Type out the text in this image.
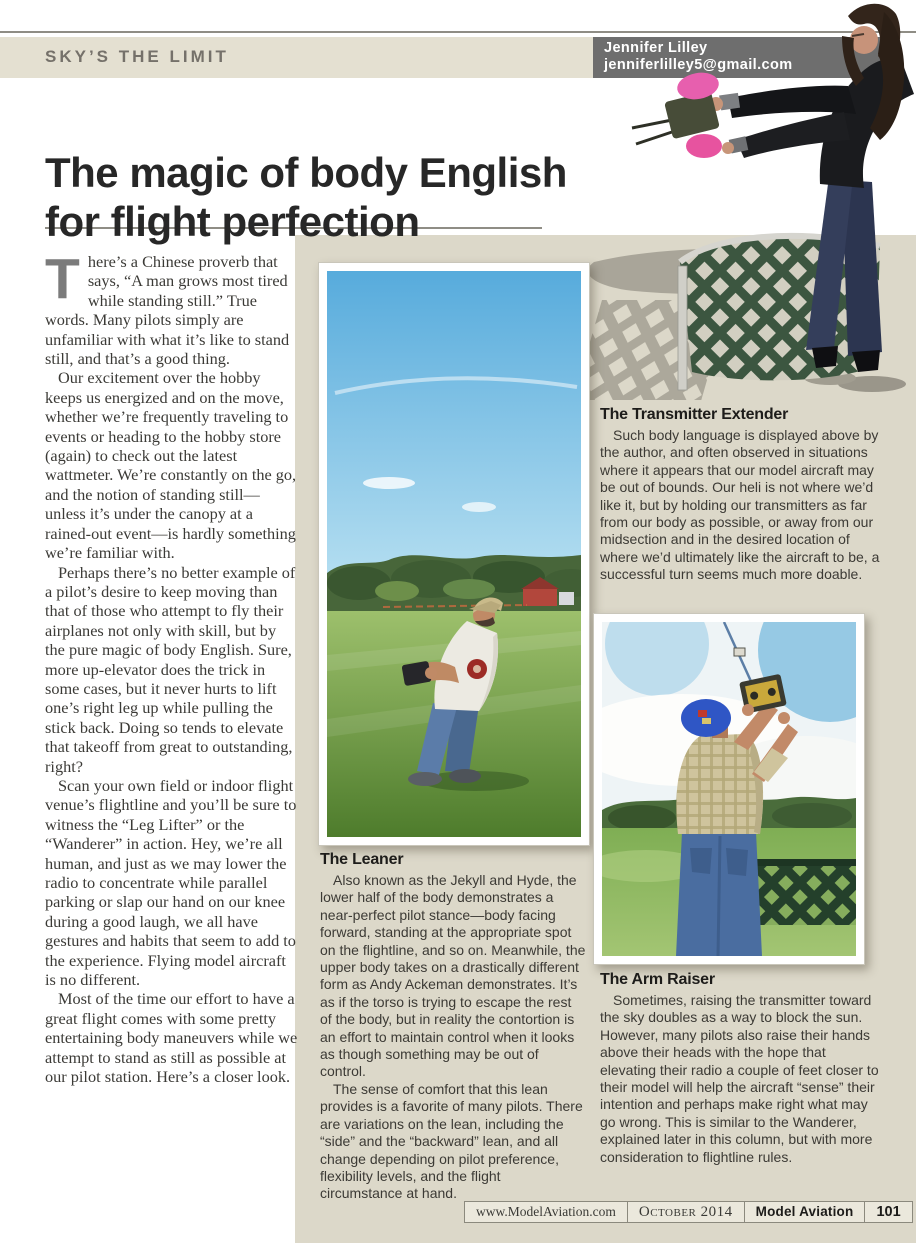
SKY’S THE LIMIT	Jennifer Lilley
jenniferlilley5@gmail.com
The magic of body English
for flight perfection
The Transmitter Extender

Such body language is displayed above by the author, and often observed in situations where it appears that our model aircraft may be out of bounds. Our heli is not where we’d like it, but by holding our transmitters as far from our body as possible, or away from our midsection and in the desired location of where we’d ultimately like the aircraft to be, a successful turn seems much more doable.

The Leaner

Also known as the Jekyll and Hyde, the lower half of the body demonstrates a near-perfect pilot stance—body facing forward, standing at the appropriate spot on the flightline, and so on. Meanwhile, the upper body takes on a drastically different form as Andy Ackeman demonstrates. It’s as if the torso is trying to escape the rest of the body, but in reality the contortion is an effort to maintain control when it looks as though something may be out of control.

The sense of comfort that this lean provides is a favorite of many pilots. There are variations on the lean, including the “side” and the “backward” lean, and all change depending on pilot preference, flexibility levels, and the flight circumstance at hand.

The Arm Raiser

Sometimes, raising the transmitter toward the sky doubles as a way to block the sun. However, many pilots also raise their hands above their heads with the hope that elevating their radio a couple of feet closer to their model will help the aircraft “sense” their intention and perhaps make right what may go wrong. This is similar to the Wanderer, explained later in this column, but with more consideration to flightline rules.

There’s a Chinese proverb that says, “A man grows most tired while standing still.” True words. Many pilots simply are unfamiliar with what it’s like to stand still, and that’s a good thing.

Our excitement over the hobby keeps us energized and on the move, whether we’re frequently traveling to events or heading to the hobby store (again) to check out the latest wattmeter. We’re constantly on the go, and the notion of standing still—unless it’s under the canopy at a rained-out event—is hardly something we’re familiar with.

Perhaps there’s no better example of a pilot’s desire to keep moving than that of those who attempt to fly their airplanes not only with skill, but by the pure magic of body English. Sure, more up-elevator does the trick in some cases, but it never hurts to lift one’s right leg up while pulling the stick back. Doing so tends to elevate that takeoff from great to outstanding, right?

Scan your own field or indoor flight venue’s flightline and you’ll be sure to witness the “Leg Lifter” or the “Wanderer” in action. Hey, we’re all human, and just as we may lower the radio to concentrate while parallel parking or slap our hand on our knee during a good laugh, we all have gestures and habits that seem to add to the experience. Flying model aircraft is no different.

Most of the time our effort to have a great flight comes with some pretty entertaining body maneuvers while we attempt to stand as still as possible at our pilot station. Here’s a closer look.

www.ModelAviation.com	October 2014	Model Aviation	101
